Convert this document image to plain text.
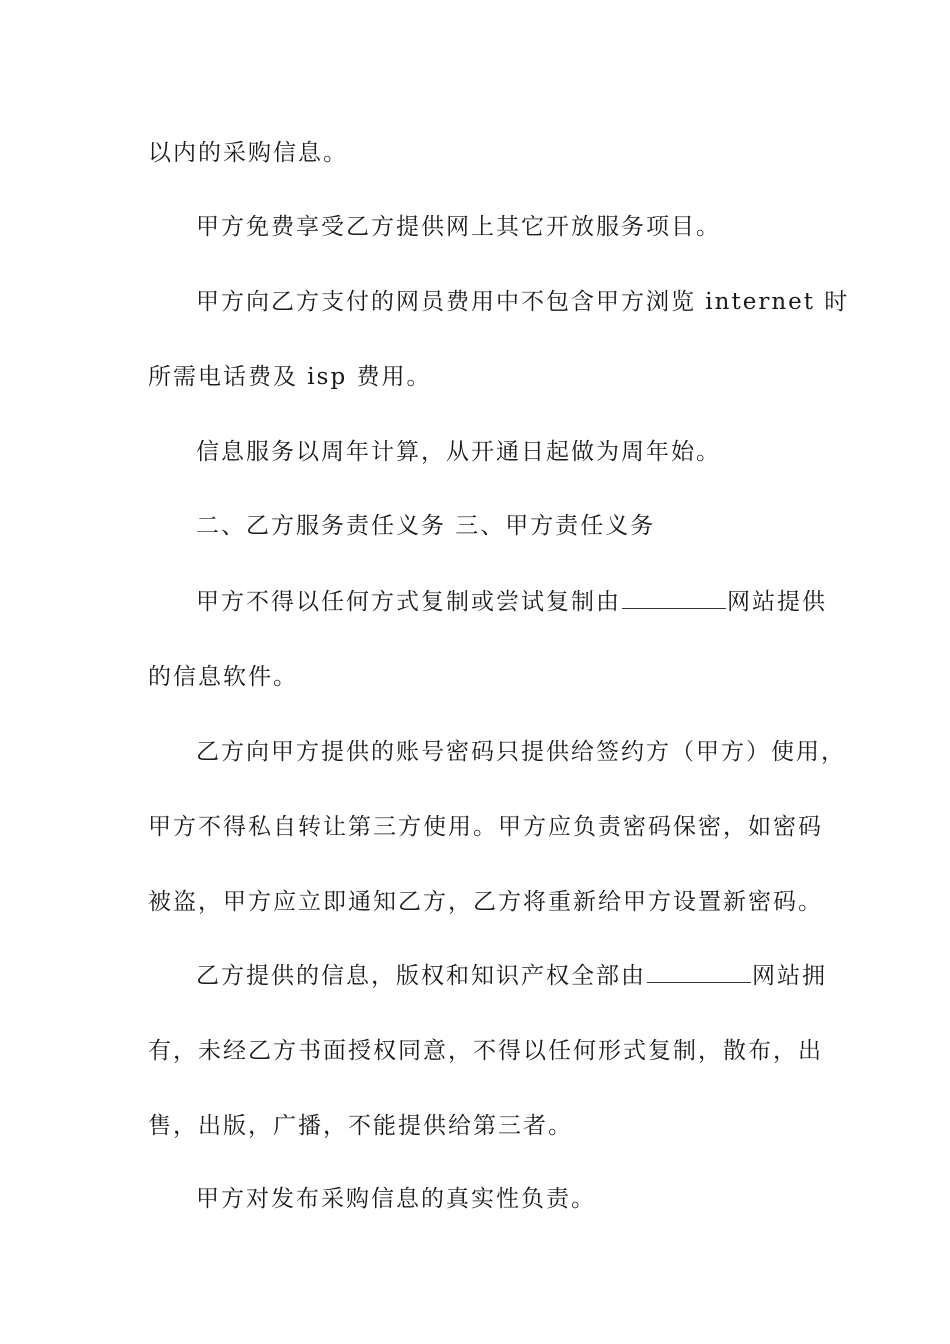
以内的采购信息。

甲方免费享受乙方提供网上其它开放服务项目。

甲方向乙方支付的网员费用中不包含甲方浏览 internet 时
所需电话费及 isp 费用。

信息服务以周年计算，从开通日起做为周年始。

二、乙方服务责任义务 三、甲方责任义务

甲方不得以任何方式复制或尝试复制由	网站提供
的信息软件。

乙方向甲方提供的账号密码只提供给签约方（甲方）使用，
甲方不得私自转让第三方使用。甲方应负责密码保密，如密码
被盗，甲方应立即通知乙方，乙方将重新给甲方设置新密码。

乙方提供的信息，版权和知识产权全部由	网站拥
有，未经乙方书面授权同意，不得以任何形式复制，散布，出
售，出版，广播，不能提供给第三者。

甲方对发布采购信息的真实性负责。
